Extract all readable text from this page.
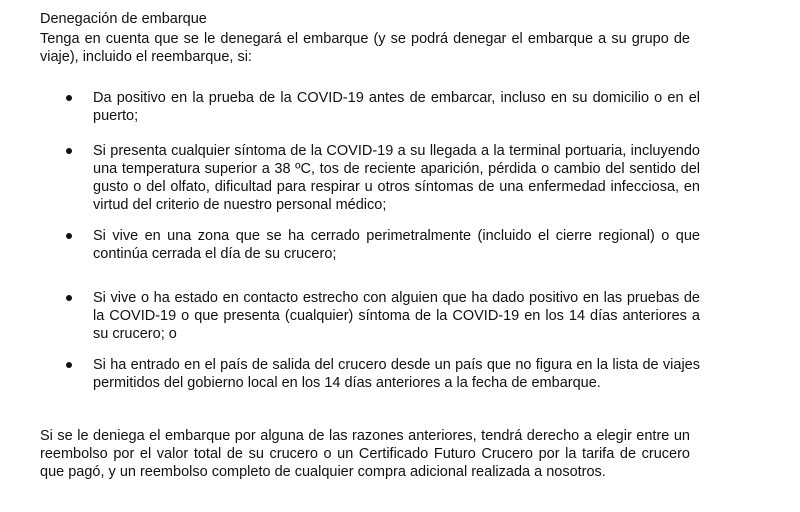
Denegación de embarque
Tenga en cuenta que se le denegará el embarque (y se podrá denegar el embarque a su grupo de viaje), incluido el reembarque, si:
Da positivo en la prueba de la COVID-19 antes de embarcar, incluso en su domicilio o en el puerto;
Si presenta cualquier síntoma de la COVID-19 a su llegada a la terminal portuaria, incluyendo una temperatura superior a 38 ºC, tos de reciente aparición, pérdida o cambio del sentido del gusto o del olfato, dificultad para respirar u otros síntomas de una enfermedad infecciosa, en virtud del criterio de nuestro personal médico;
Si vive en una zona que se ha cerrado perimetralmente (incluido el cierre regional) o que continúa cerrada el día de su crucero;
Si vive o ha estado en contacto estrecho con alguien que ha dado positivo en las pruebas de la COVID-19 o que presenta (cualquier) síntoma de la COVID-19 en los 14 días anteriores a su crucero; o
Si ha entrado en el país de salida del crucero desde un país que no figura en la lista de viajes permitidos del gobierno local en los 14 días anteriores a la fecha de embarque.
Si se le deniega el embarque por alguna de las razones anteriores, tendrá derecho a elegir entre un reembolso por el valor total de su crucero o un Certificado Futuro Crucero por la tarifa de crucero que pagó, y un reembolso completo de cualquier compra adicional realizada a nosotros.
